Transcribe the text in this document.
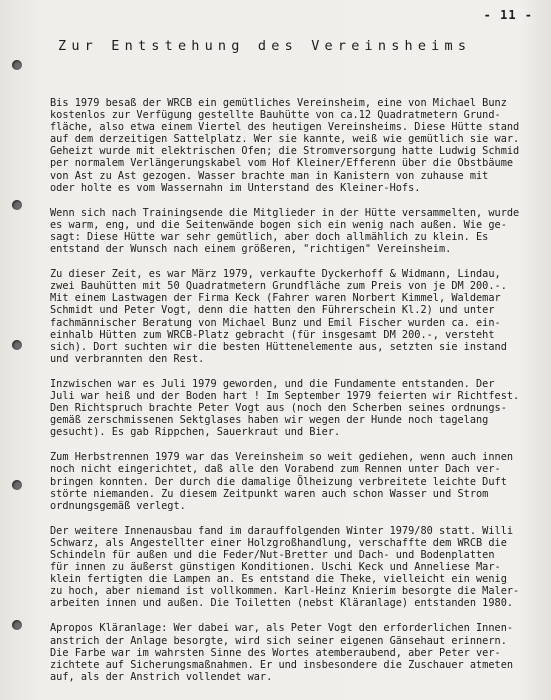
- 11 -
Zur Entstehung des Vereinsheims

Bis 1979 besaß der WRCB ein gemütliches Vereinsheim, eine von Michael Bunz
kostenlos zur Verfügung gestellte Bauhütte von ca.12 Quadratmetern Grund-
fläche, also etwa einem Viertel des heutigen Vereinsheims. Diese Hütte stand
auf dem derzeitigen Sattelplatz. Wer sie kannte, weiß wie gemütlich sie war.
Geheizt wurde mit elektrischen Ofen; die Stromversorgung hatte Ludwig Schmid
per normalem Verlängerungskabel vom Hof Kleiner/Efferenn über die Obstbäume
von Ast zu Ast gezogen. Wasser brachte man in Kanistern von zuhause mit
oder holte es vom Wassernahn im Unterstand des Kleiner-Hofs.

Wenn sich nach Trainingsende die Mitglieder in der Hütte versammelten, wurde
es warm, eng, und die Seitenwände bogen sich ein wenig nach außen. Wie ge-
sagt: Diese Hütte war sehr gemütlich, aber doch allmählich zu klein. Es
entstand der Wunsch nach einem größeren, "richtigen" Vereinsheim.

Zu dieser Zeit, es war März 1979, verkaufte Dyckerhoff & Widmann, Lindau,
zwei Bauhütten mit 50 Quadratmetern Grundfläche zum Preis von je DM 200.-.
Mit einem Lastwagen der Firma Keck (Fahrer waren Norbert Kimmel, Waldemar
Schmidt und Peter Vogt, denn die hatten den Führerschein Kl.2) und unter
fachmännischer Beratung von Michael Bunz und Emil Fischer wurden ca. ein-
einhalb Hütten zum WRCB-Platz gebracht (für insgesamt DM 200.-, versteht
sich). Dort suchten wir die besten Hüttenelemente aus, setzten sie instand
und verbrannten den Rest.

Inzwischen war es Juli 1979 geworden, und die Fundamente entstanden. Der
Juli war heiß und der Boden hart ! Im September 1979 feierten wir Richtfest.
Den Richtspruch brachte Peter Vogt aus (noch den Scherben seines ordnungs-
gemäß zerschmissenen Sektglases haben wir wegen der Hunde noch tagelang
gesucht). Es gab Rippchen, Sauerkraut und Bier.

Zum Herbstrennen 1979 war das Vereinsheim so weit gediehen, wenn auch innen
noch nicht eingerichtet, daß alle den Vorabend zum Rennen unter Dach ver-
bringen konnten. Der durch die damalige Ölheizung verbreitete leichte Duft
störte niemanden. Zu diesem Zeitpunkt waren auch schon Wasser und Strom
ordnungsgemäß verlegt.

Der weitere Innenausbau fand im darauffolgenden Winter 1979/80 statt. Willi
Schwarz, als Angestellter einer Holzgroßhandlung, verschaffte dem WRCB die
Schindeln für außen und die Feder/Nut-Bretter und Dach- und Bodenplatten
für innen zu äußerst günstigen Konditionen. Uschi Keck und Anneliese Mar-
klein fertigten die Lampen an. Es entstand die Theke, vielleicht ein wenig
zu hoch, aber niemand ist vollkommen. Karl-Heinz Knierim besorgte die Maler-
arbeiten innen und außen. Die Toiletten (nebst Kläranlage) entstanden 1980.

Apropos Kläranlage: Wer dabei war, als Peter Vogt den erforderlichen Innen-
anstrich der Anlage besorgte, wird sich seiner eigenen Gänsehaut erinnern.
Die Farbe war im wahrsten Sinne des Wortes atemberaubend, aber Peter ver-
zichtete auf Sicherungsmaßnahmen. Er und insbesondere die Zuschauer atmeten
auf, als der Anstrich vollendet war.
